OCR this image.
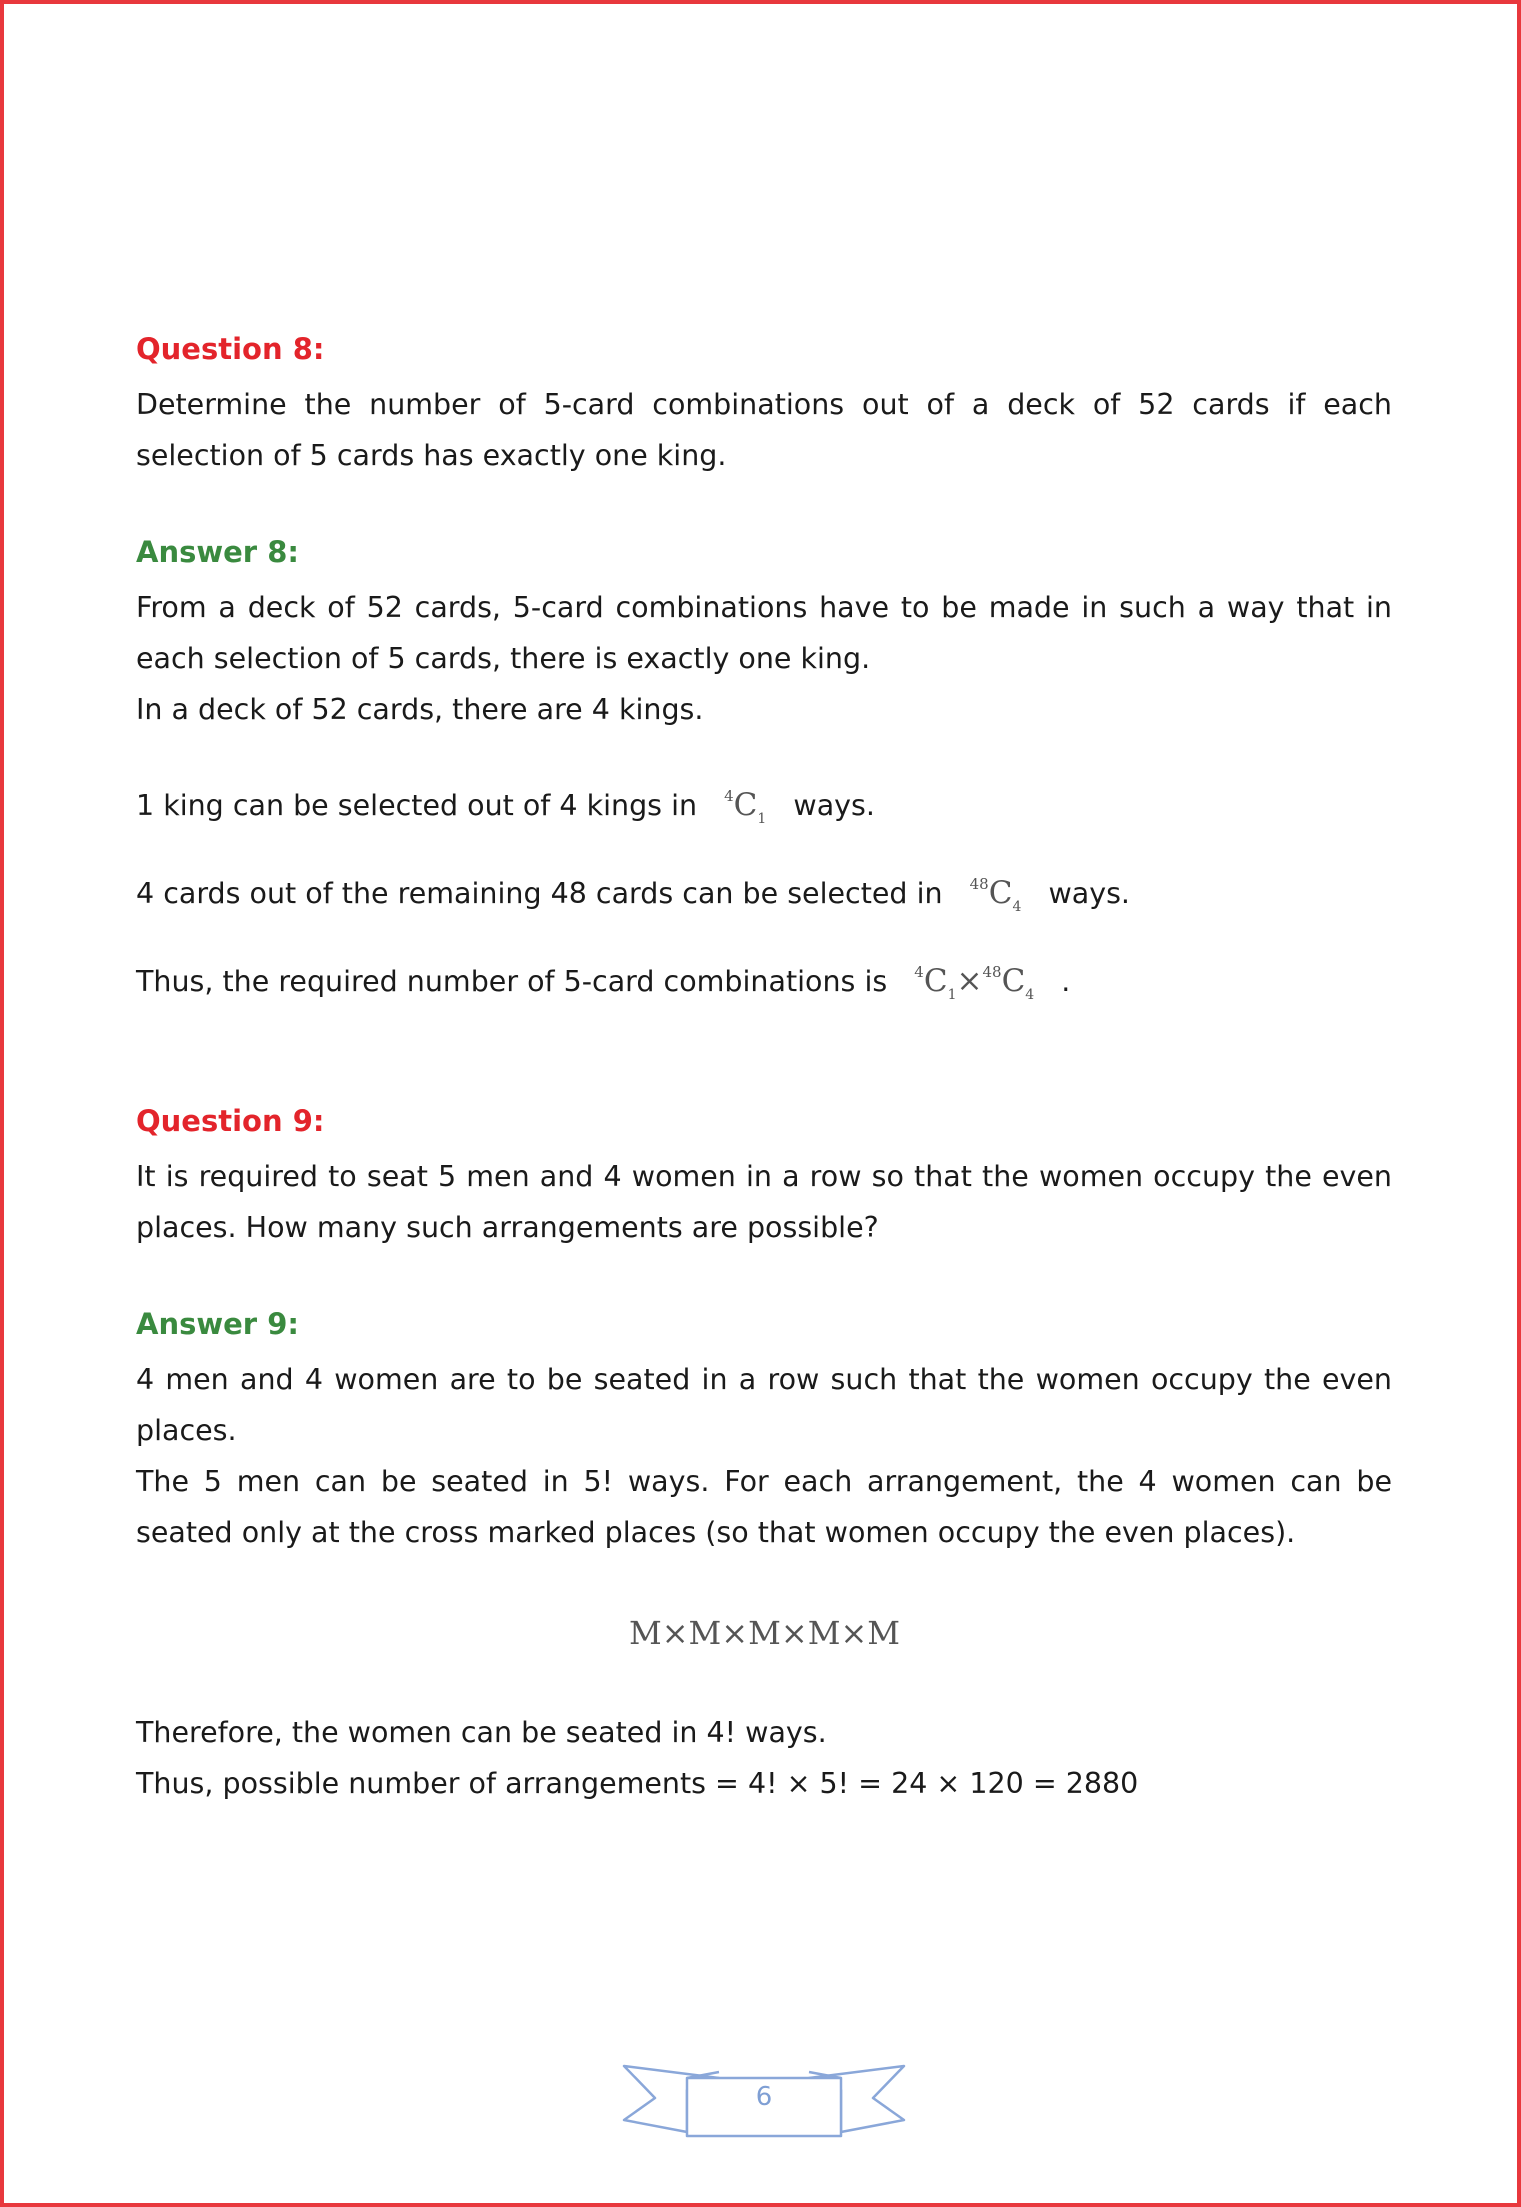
Question 8:

Determine the number of 5-card combinations out of a deck of 52 cards if each selection of 5 cards has exactly one king.

Answer 8:

From a deck of 52 cards, 5-card combinations have to be made in such a way that in each selection of 5 cards, there is exactly one king.

In a deck of 52 cards, there are 4 kings.

1 king can be selected out of 4 kings in $^4C_1$ ways.

4 cards out of the remaining 48 cards can be selected in $^{48}C_4$ ways.

Thus, the required number of 5-card combinations is $^4C_1\times^{48}C_4$ .

Question 9:

It is required to seat 5 men and 4 women in a row so that the women occupy the even places. How many such arrangements are possible?

Answer 9:

4 men and 4 women are to be seated in a row such that the women occupy the even places.

The 5 men can be seated in 5! ways. For each arrangement, the 4 women can be seated only at the cross marked places (so that women occupy the even places).

M×M×M×M×M

Therefore, the women can be seated in 4! ways.

Thus, possible number of arrangements = 4! × 5! = 24 × 120 = 2880

6
